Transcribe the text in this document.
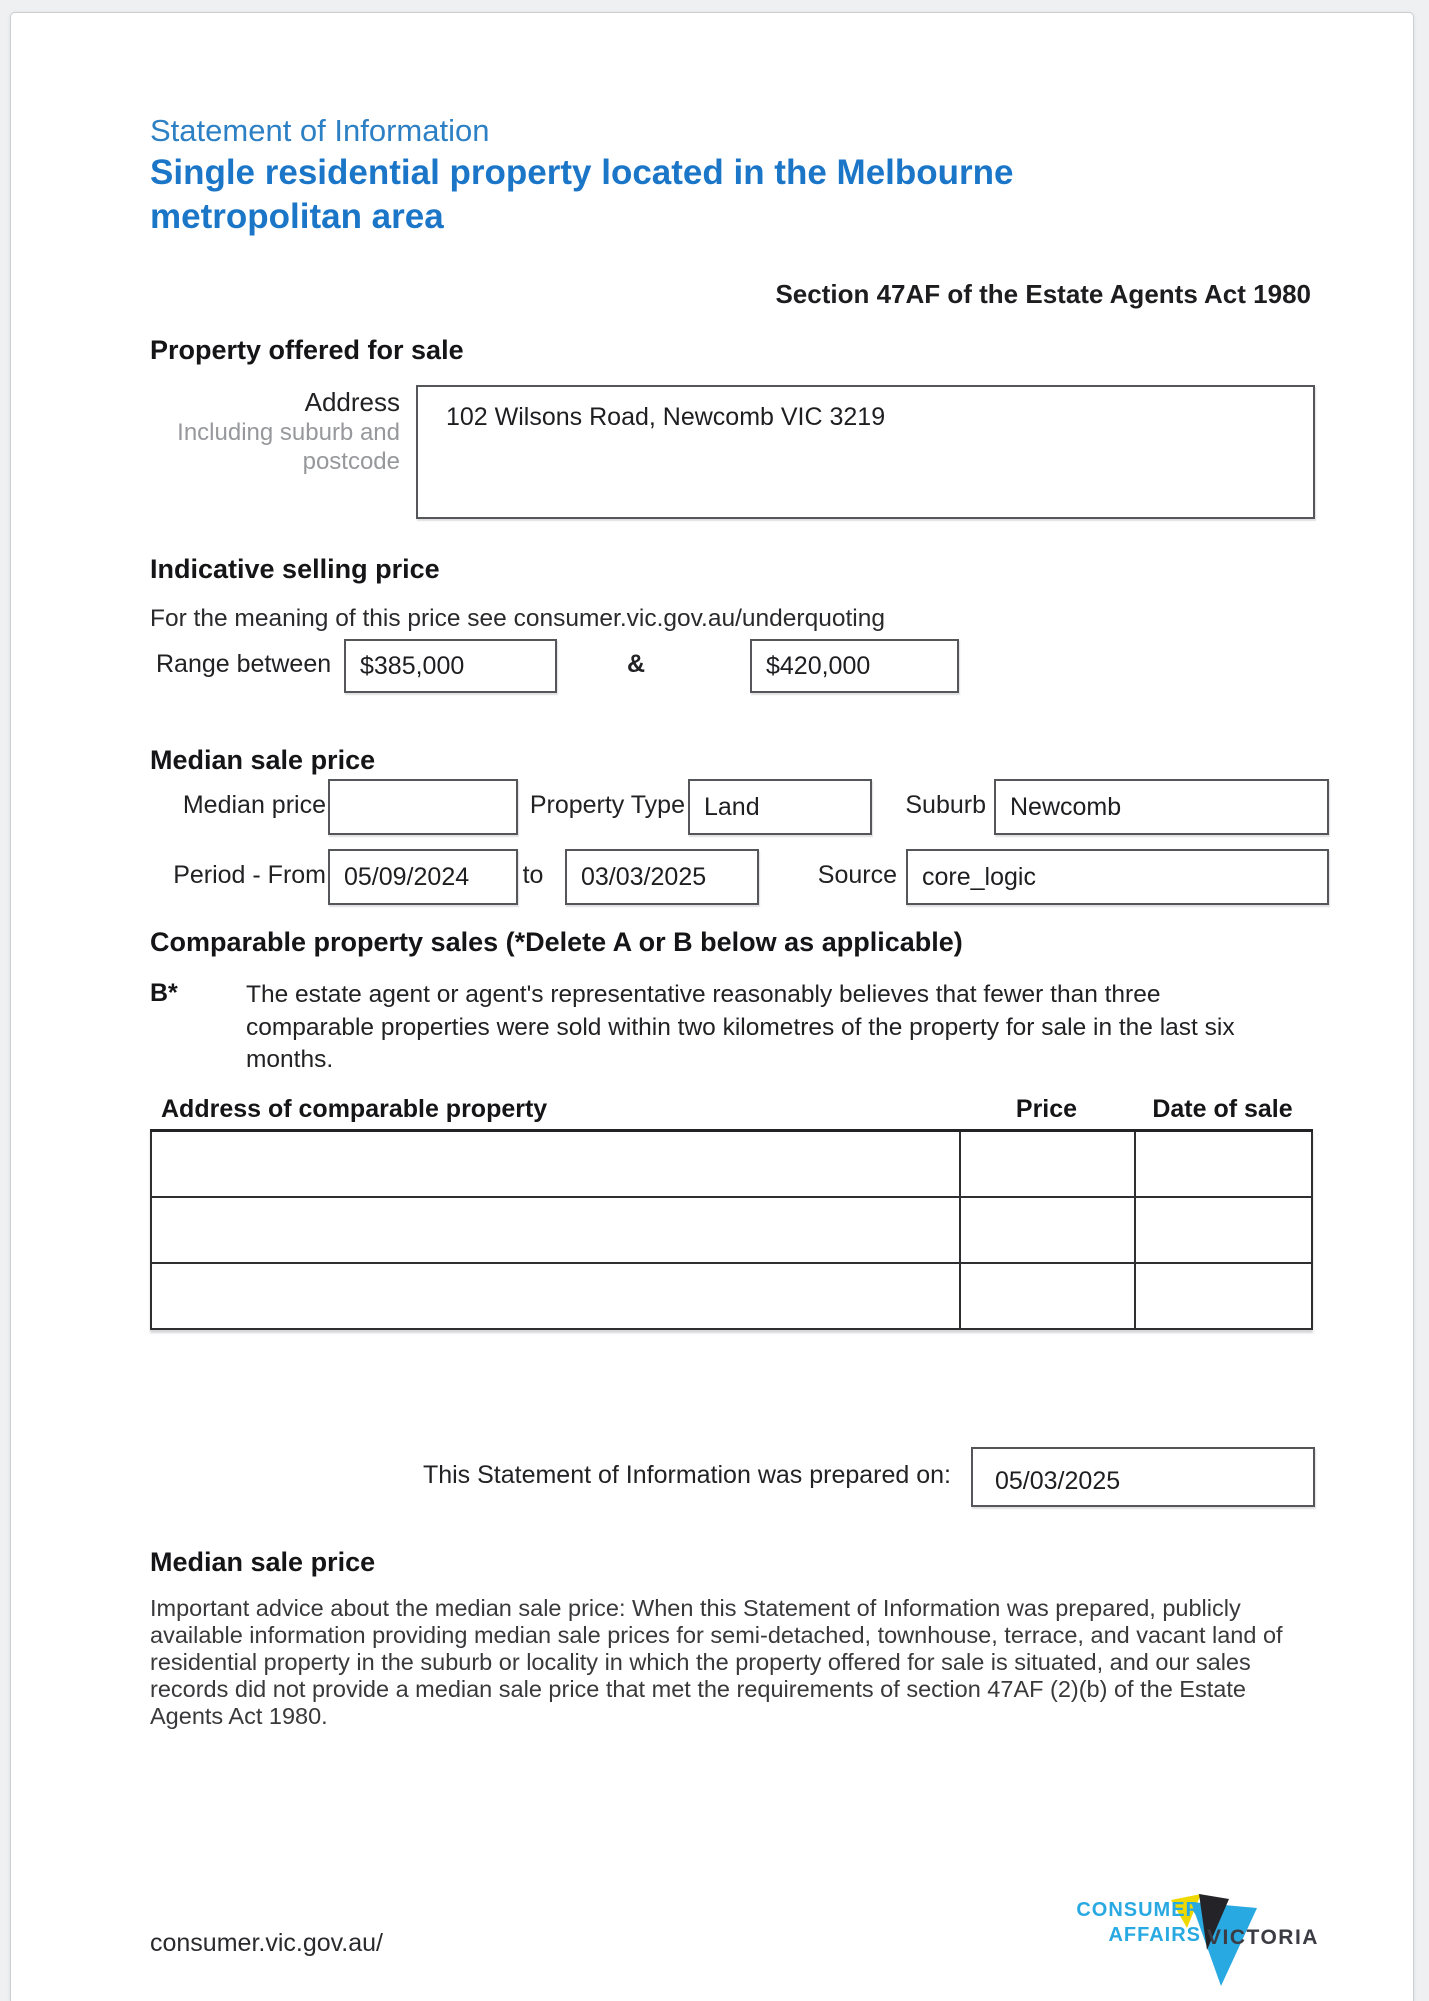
Statement of Information
Single residential property located in the Melbourne metropolitan area
Section 47AF of the Estate Agents Act 1980
Property offered for sale
Address
Including suburb and postcode
102 Wilsons Road, Newcomb VIC 3219
Indicative selling price
For the meaning of this price see consumer.vic.gov.au/underquoting
Range between $385,000	&	$420,000
Median sale price
Median price	Property Type Land	Suburb Newcomb
Period - From 05/09/2024	to	03/03/2025	Source core_logic
Comparable property sales (*Delete A or B below as applicable)
B*	The estate agent or agent's representative reasonably believes that fewer than three comparable properties were sold within two kilometres of the property for sale in the last six months.
Address of comparable property	Price	Date of sale

This Statement of Information was prepared on:	05/03/2025
Median sale price
Important advice about the median sale price: When this Statement of Information was prepared, publicly available information providing median sale prices for semi-detached, townhouse, terrace, and vacant land of residential property in the suburb or locality in which the property offered for sale is situated, and our sales records did not provide a median sale price that met the requirements of section 47AF (2)(b) of the Estate Agents Act 1980.
consumer.vic.gov.au/
CONSUMER
AFFAIRS VICTORIA
